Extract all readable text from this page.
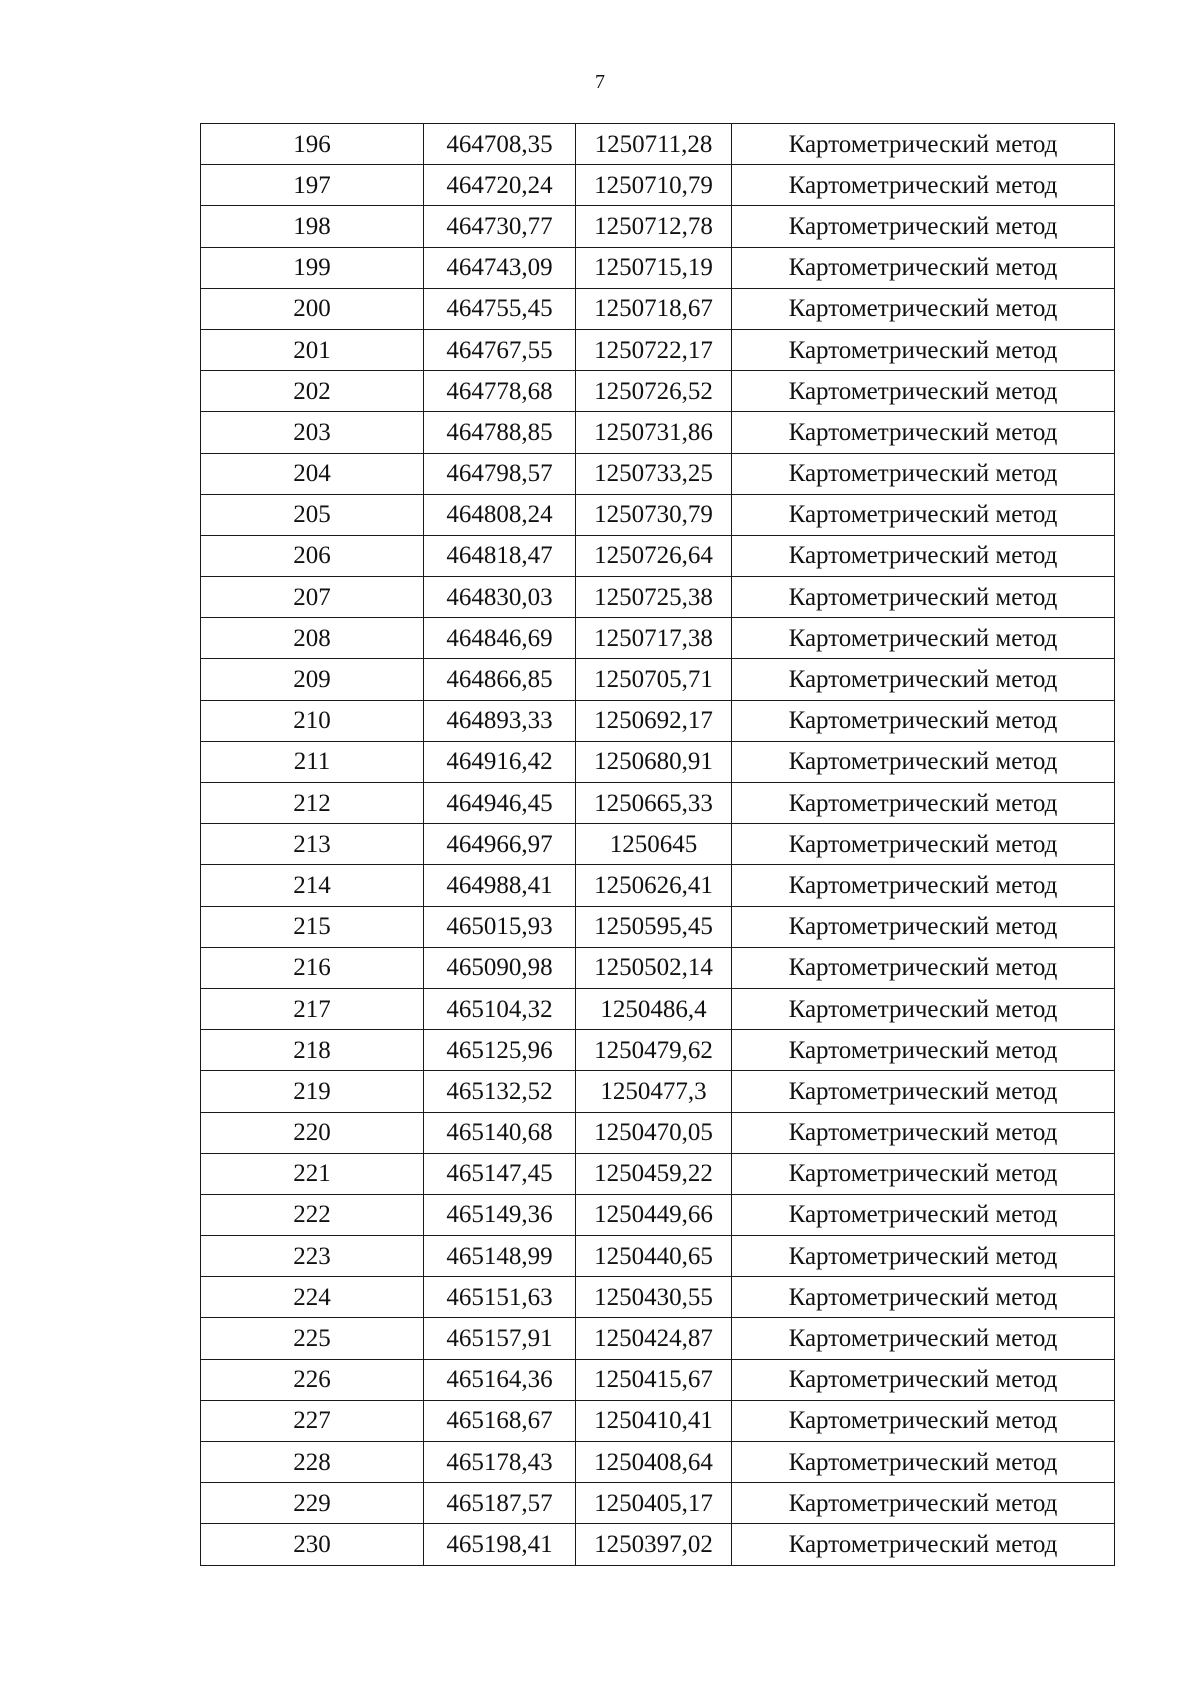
7
196	464708,35	1250711,28	Картометрический метод
197	464720,24	1250710,79	Картометрический метод
198	464730,77	1250712,78	Картометрический метод
199	464743,09	1250715,19	Картометрический метод
200	464755,45	1250718,67	Картометрический метод
201	464767,55	1250722,17	Картометрический метод
202	464778,68	1250726,52	Картометрический метод
203	464788,85	1250731,86	Картометрический метод
204	464798,57	1250733,25	Картометрический метод
205	464808,24	1250730,79	Картометрический метод
206	464818,47	1250726,64	Картометрический метод
207	464830,03	1250725,38	Картометрический метод
208	464846,69	1250717,38	Картометрический метод
209	464866,85	1250705,71	Картометрический метод
210	464893,33	1250692,17	Картометрический метод
211	464916,42	1250680,91	Картометрический метод
212	464946,45	1250665,33	Картометрический метод
213	464966,97	1250645	Картометрический метод
214	464988,41	1250626,41	Картометрический метод
215	465015,93	1250595,45	Картометрический метод
216	465090,98	1250502,14	Картометрический метод
217	465104,32	1250486,4	Картометрический метод
218	465125,96	1250479,62	Картометрический метод
219	465132,52	1250477,3	Картометрический метод
220	465140,68	1250470,05	Картометрический метод
221	465147,45	1250459,22	Картометрический метод
222	465149,36	1250449,66	Картометрический метод
223	465148,99	1250440,65	Картометрический метод
224	465151,63	1250430,55	Картометрический метод
225	465157,91	1250424,87	Картометрический метод
226	465164,36	1250415,67	Картометрический метод
227	465168,67	1250410,41	Картометрический метод
228	465178,43	1250408,64	Картометрический метод
229	465187,57	1250405,17	Картометрический метод
230	465198,41	1250397,02	Картометрический метод
